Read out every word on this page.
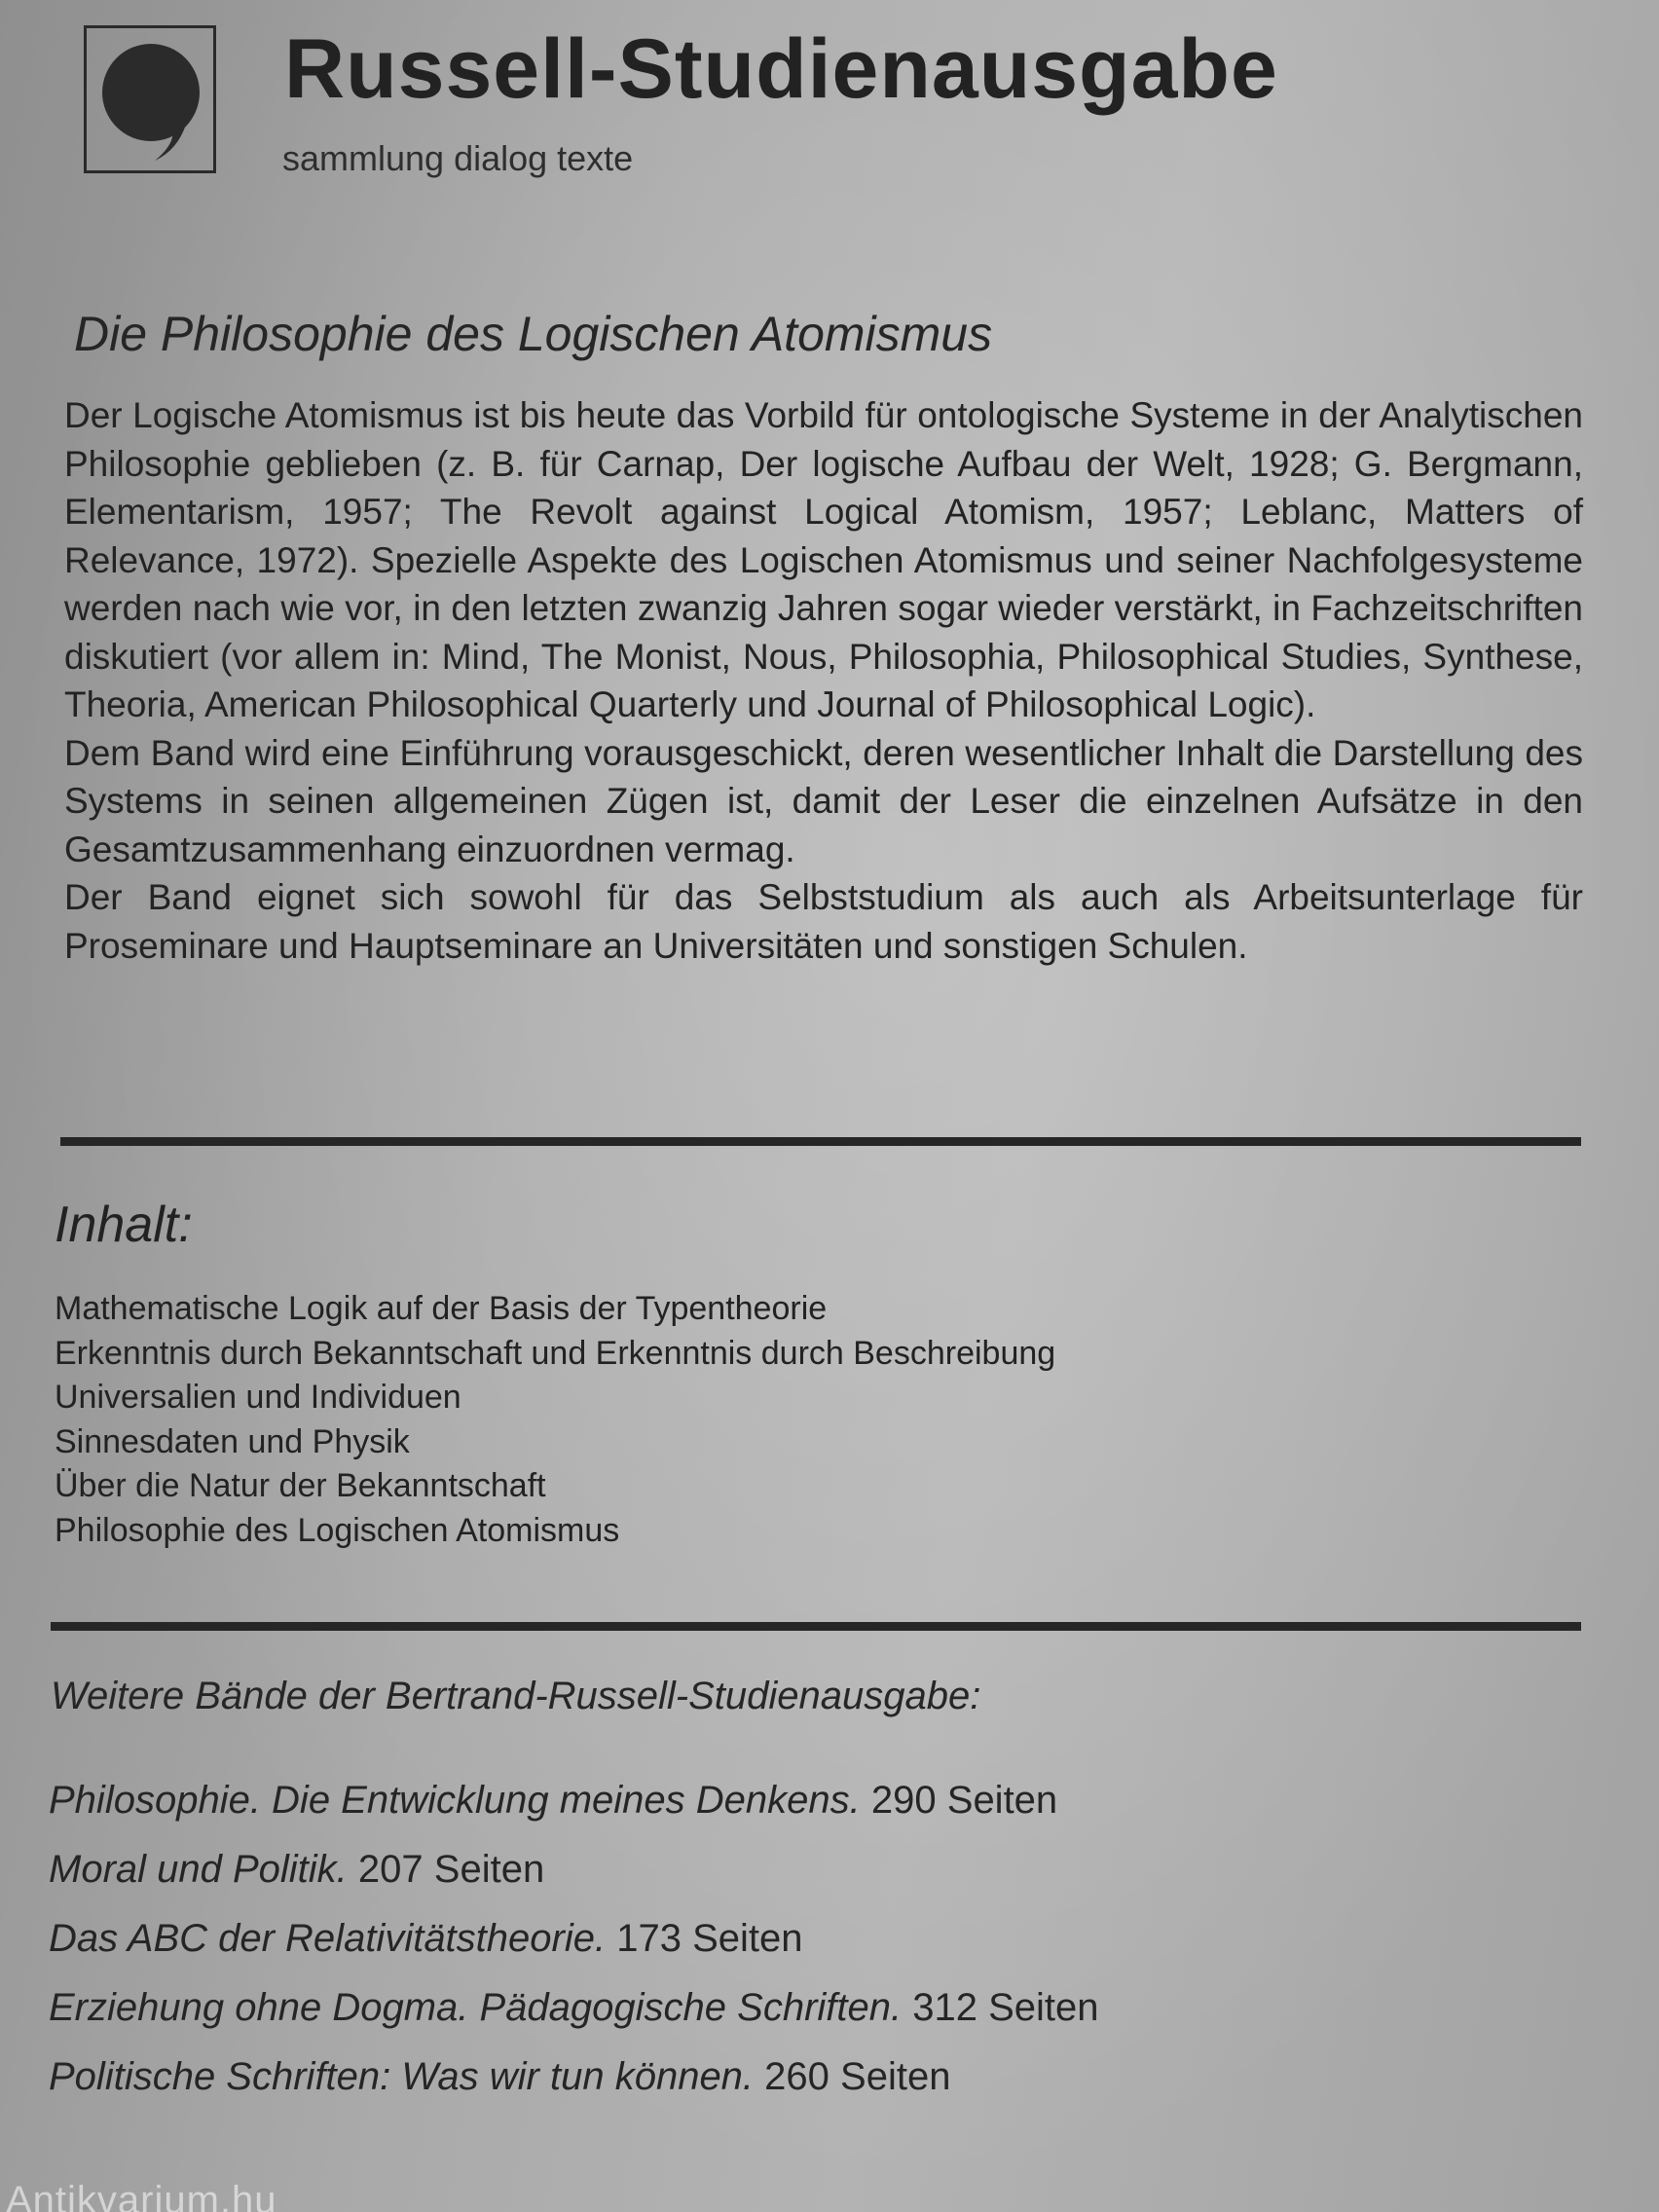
Russell-Studienausgabe
sammlung dialog texte
Die Philosophie des Logischen Atomismus

Der Logische Atomismus ist bis heute das Vorbild für ontologische Systeme in der Analytischen Philosophie geblieben (z. B. für Carnap, Der logische Aufbau der Welt, 1928; G. Bergmann, Elementarism, 1957; The Revolt against Logical Atomism, 1957; Leblanc, Matters of Relevance, 1972). Spezielle Aspekte des Logischen Atomismus und seiner Nachfolgesysteme werden nach wie vor, in den letzten zwanzig Jahren sogar wieder verstärkt, in Fachzeitschriften diskutiert (vor allem in: Mind, The Monist, Nous, Philosophia, Philosophical Studies, Synthese, Theoria, American Philosophical Quarterly und Journal of Philosophical Logic).

Dem Band wird eine Einführung vorausgeschickt, deren wesentlicher Inhalt die Darstellung des Systems in seinen allgemeinen Zügen ist, damit der Leser die einzelnen Aufsätze in den Gesamtzusammenhang einzuordnen vermag.

Der Band eignet sich sowohl für das Selbststudium als auch als Arbeitsunterlage für Proseminare und Hauptseminare an Universitäten und sonstigen Schulen.

Inhalt:
Mathematische Logik auf der Basis der Typentheorie
Erkenntnis durch Bekanntschaft und Erkenntnis durch Beschreibung
Universalien und Individuen
Sinnesdaten und Physik
Über die Natur der Bekanntschaft
Philosophie des Logischen Atomismus
Weitere Bände der Bertrand-Russell-Studienausgabe:
Philosophie. Die Entwicklung meines Denkens. 290 Seiten
Moral und Politik. 207 Seiten
Das ABC der Relativitätstheorie. 173 Seiten
Erziehung ohne Dogma. Pädagogische Schriften. 312 Seiten
Politische Schriften: Was wir tun können. 260 Seiten
Antikvarium.hu
